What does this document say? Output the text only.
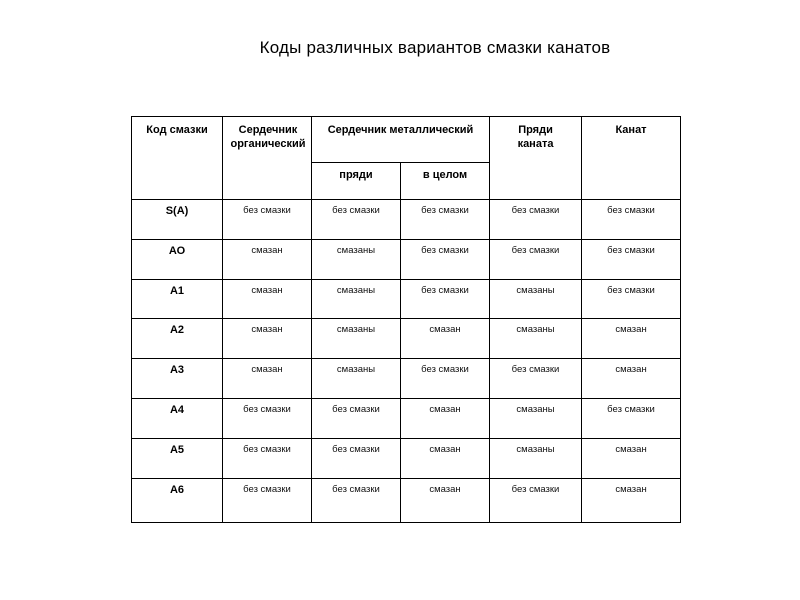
Коды различных вариантов смазки канатов
Код смазки	Сердечник органический	Сердечник металлический		Пряди каната	Канат
		пряди	в целом		
S(A)	без смазки	без смазки	без смазки	без смазки	без смазки
АО	смазан	смазаны	без смазки	без смазки	без смазки
А1	смазан	смазаны	без смазки	смазаны	без смазки
А2	смазан	смазаны	смазан	смазаны	смазан
А3	смазан	смазаны	без смазки	без смазки	смазан
А4	без смазки	без смазки	смазан	смазаны	без смазки
А5	без смазки	без смазки	смазан	смазаны	смазан
А6	без смазки	без смазки	смазан	без смазки	смазан
